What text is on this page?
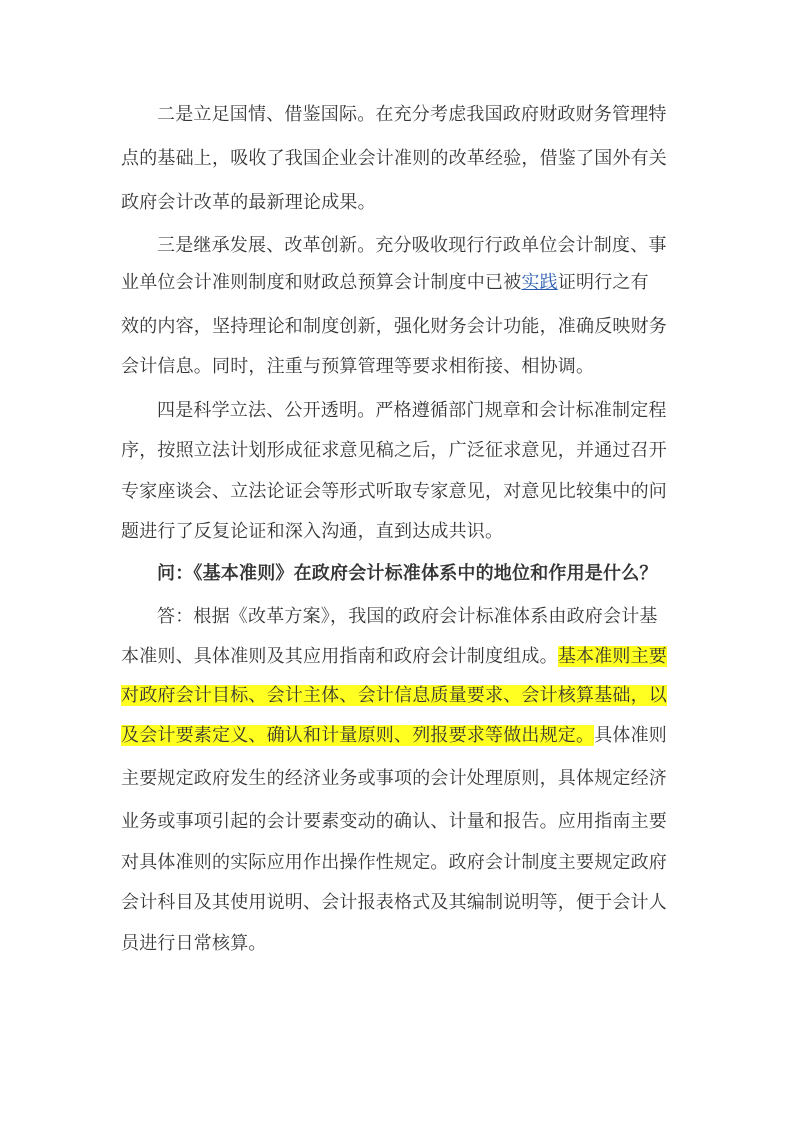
二是立足国情、借鉴国际。在充分考虑我国政府财政财务管理特
点的基础上，吸收了我国企业会计准则的改革经验，借鉴了国外有关
政府会计改革的最新理论成果。
三是继承发展、改革创新。充分吸收现行行政单位会计制度、事
业单位会计准则制度和财政总预算会计制度中已被实践证明行之有
效的内容，坚持理论和制度创新，强化财务会计功能，准确反映财务
会计信息。同时，注重与预算管理等要求相衔接、相协调。
四是科学立法、公开透明。严格遵循部门规章和会计标准制定程
序，按照立法计划形成征求意见稿之后，广泛征求意见，并通过召开
专家座谈会、立法论证会等形式听取专家意见，对意见比较集中的问
题进行了反复论证和深入沟通，直到达成共识。
问：《基本准则》在政府会计标准体系中的地位和作用是什么？
答：根据《改革方案》，我国的政府会计标准体系由政府会计基
本准则、具体准则及其应用指南和政府会计制度组成。基本准则主要
对政府会计目标、会计主体、会计信息质量要求、会计核算基础，以
及会计要素定义、确认和计量原则、列报要求等做出规定。具体准则
主要规定政府发生的经济业务或事项的会计处理原则，具体规定经济
业务或事项引起的会计要素变动的确认、计量和报告。应用指南主要
对具体准则的实际应用作出操作性规定。政府会计制度主要规定政府
会计科目及其使用说明、会计报表格式及其编制说明等，便于会计人
员进行日常核算。
